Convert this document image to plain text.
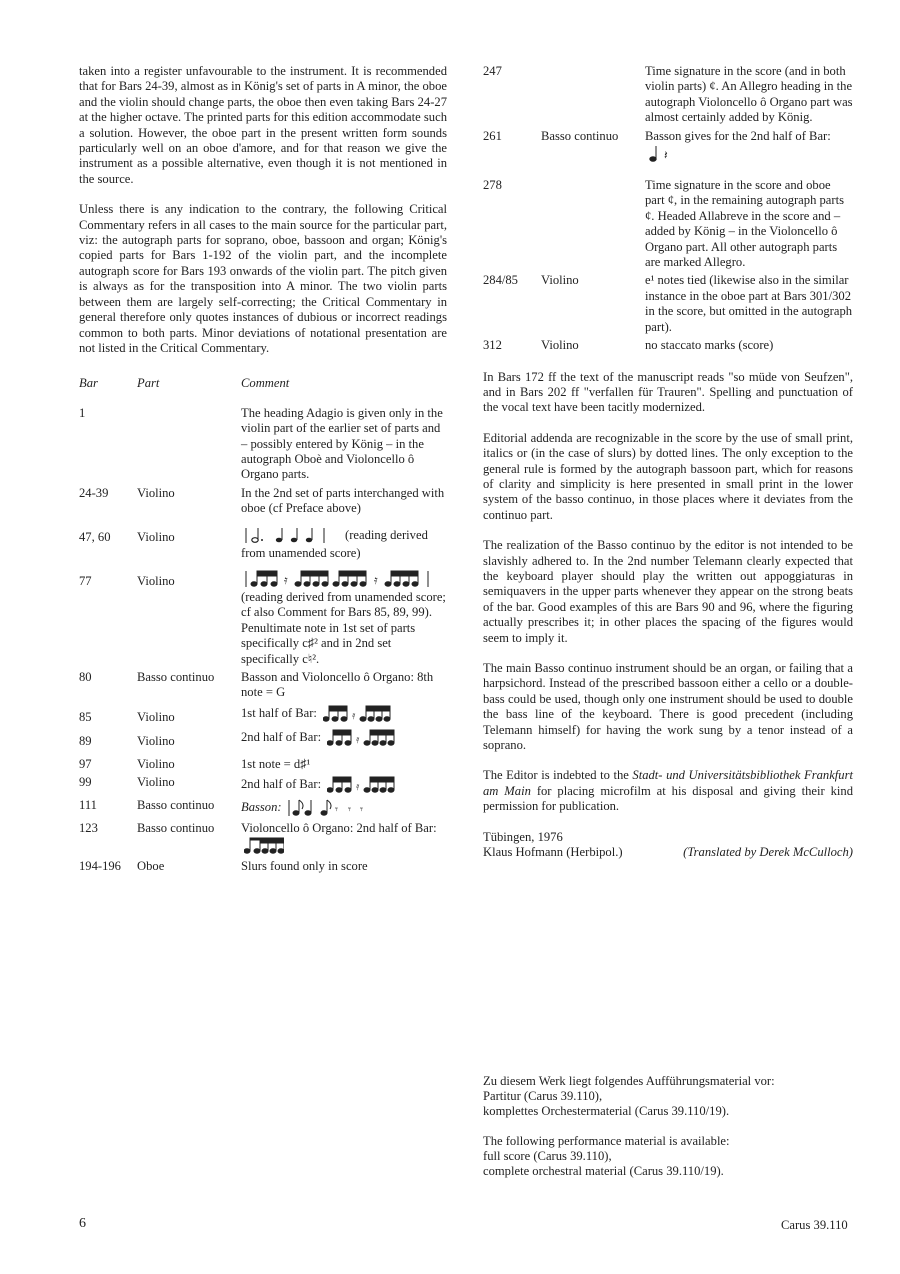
taken into a register unfavourable to the instrument. It is recommended that for Bars 24-39, almost as in König's set of parts in A minor, the oboe and the violin should change parts, the oboe then even taking Bars 24-27 at the higher octave. The printed parts for this edition accommodate such a solution. However, the oboe part in the present written form sounds particularly well on an oboe d'amore, and for that reason we give the instrument as a possible alternative, even though it is not mentioned in the source.

Unless there is any indication to the contrary, the following Critical Commentary refers in all cases to the main source for the particular part, viz: the autograph parts for soprano, oboe, bassoon and organ; König's copied parts for Bars 1-192 of the violin part, and the incomplete autograph score for Bars 193 onwards of the violin part. The pitch given is always as for the transposition into A minor. The two violin parts between them are largely self-correcting; the Critical Commentary in general therefore only quotes instances of dubious or incorrect readings common to both parts. Minor deviations of notational presentation are not listed in the Critical Commentary.

Bar	Part	Comment
1		The heading Adagio is given only in the violin part of the earlier set of parts and – possibly entered by König – in the autograph Oboè and Violoncello ô Organo parts.
24-39	Violino	In the 2nd set of parts interchanged with oboe (cf Preface above)
47, 60	Violino	(reading derived from unamended score)
77	Violino	𝄿 𝄿

(reading derived from unamended score; cf also Comment for Bars 85, 89, 99). Penultimate note in 1st set of parts specifically c♯² and in 2nd set specifically c♮².
80	Basso continuo	Basson and Violoncello ô Organo: 8th note = G
85	Violino	1st half of Bar: 𝄿

89	Violino	2nd half of Bar: 𝄿

97	Violino	1st note = d♯¹
99	Violino	2nd half of Bar: 𝄿

111	Basso continuo	Basson: 𝄾 𝄾 𝄾

123	Basso continuo	Violoncello ô Organo: 2nd half of Bar:
194-196	Oboe	Slurs found only in score
247		Time signature in the score (and in both violin parts) ¢. An Allegro heading in the autograph Violoncello ô Organo part was almost certainly added by König.
261	Basso continuo	Basson gives for the 2nd half of Bar:
𝄽

278		Time signature in the score and oboe part ¢, in the remaining autograph parts ¢. Headed Allabreve in the score and – added by König – in the Violoncello ô Organo part. All other autograph parts are marked Allegro.
284/85	Violino	e¹ notes tied (likewise also in the similar instance in the oboe part at Bars 301/302 in the score, but omitted in the autograph part).
312	Violino	no staccato marks (score)

In Bars 172 ff the text of the manuscript reads "so müde von Seufzen", and in Bars 202 ff "verfallen für Trauren". Spelling and punctuation of the vocal text have been tacitly modernized.

Editorial addenda are recognizable in the score by the use of small print, italics or (in the case of slurs) by dotted lines. The only exception to the general rule is formed by the autograph bassoon part, which for reasons of clarity and simplicity is here presented in small print in the lower system of the basso continuo, in those places where it deviates from the continuo part.

The realization of the Basso continuo by the editor is not intended to be slavishly adhered to. In the 2nd number Telemann clearly expected that the keyboard player should play the written out appoggiaturas in semiquavers in the upper parts whenever they appear on the strong beats of the bar. Good examples of this are Bars 90 and 96, where the figuring actually prescribes it; in other places the spacing of the figures would seem to imply it.

The main Basso continuo instrument should be an organ, or failing that a harpsichord. Instead of the prescribed bassoon either a cello or a double-bass could be used, though only one instrument should be used to double the bass line of the keyboard. There is good precedent (including Telemann himself) for having the work sung by a tenor instead of a soprano.

The Editor is indebted to the Stadt- und Universitätsbibliothek Frankfurt am Main for placing microfilm at his disposal and giving their kind permission for publication.

Tübingen, 1976
Klaus Hofmann (Herbipol.)	(Translated by Derek McCulloch)
Zu diesem Werk liegt folgendes Aufführungsmaterial vor:
Partitur (Carus 39.110),
komplettes Orchestermaterial (Carus 39.110/19).
The following performance material is available:
full score (Carus 39.110),
complete orchestral material (Carus 39.110/19).
6	Carus 39.110
